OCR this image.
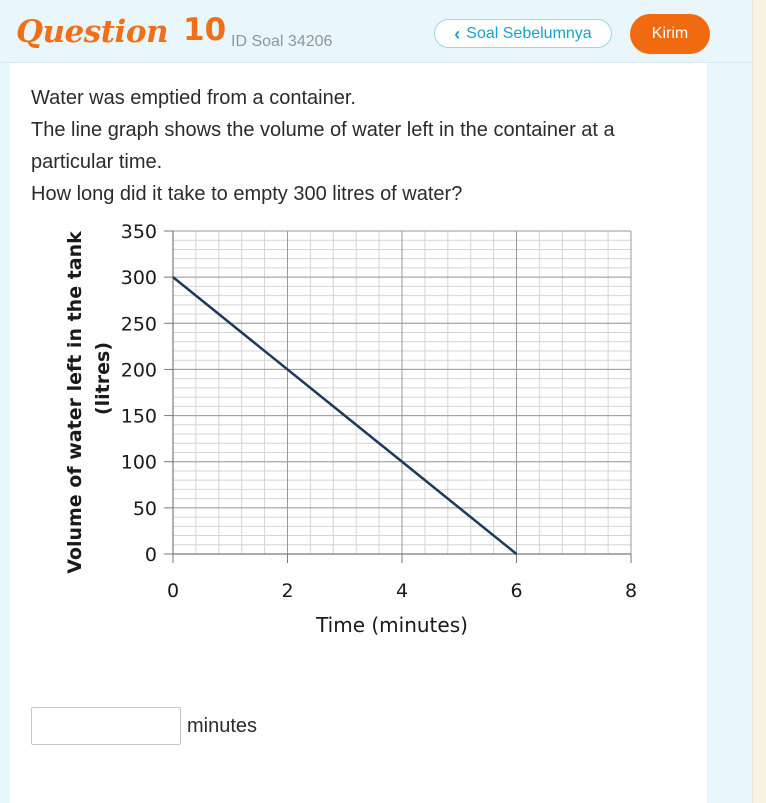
Question 10 ID Soal 34206	‹ Soal Sebelumnya	Kirim

Water was emptied from a container.

The line graph shows the volume of water left in the container at a particular time.

How long did it take to empty 300 litres of water?

0
50
100
150
200
250
300
350
0	2	4	6	8
Time (minutes)
Volume of water left in the tank (litres)
minutes
